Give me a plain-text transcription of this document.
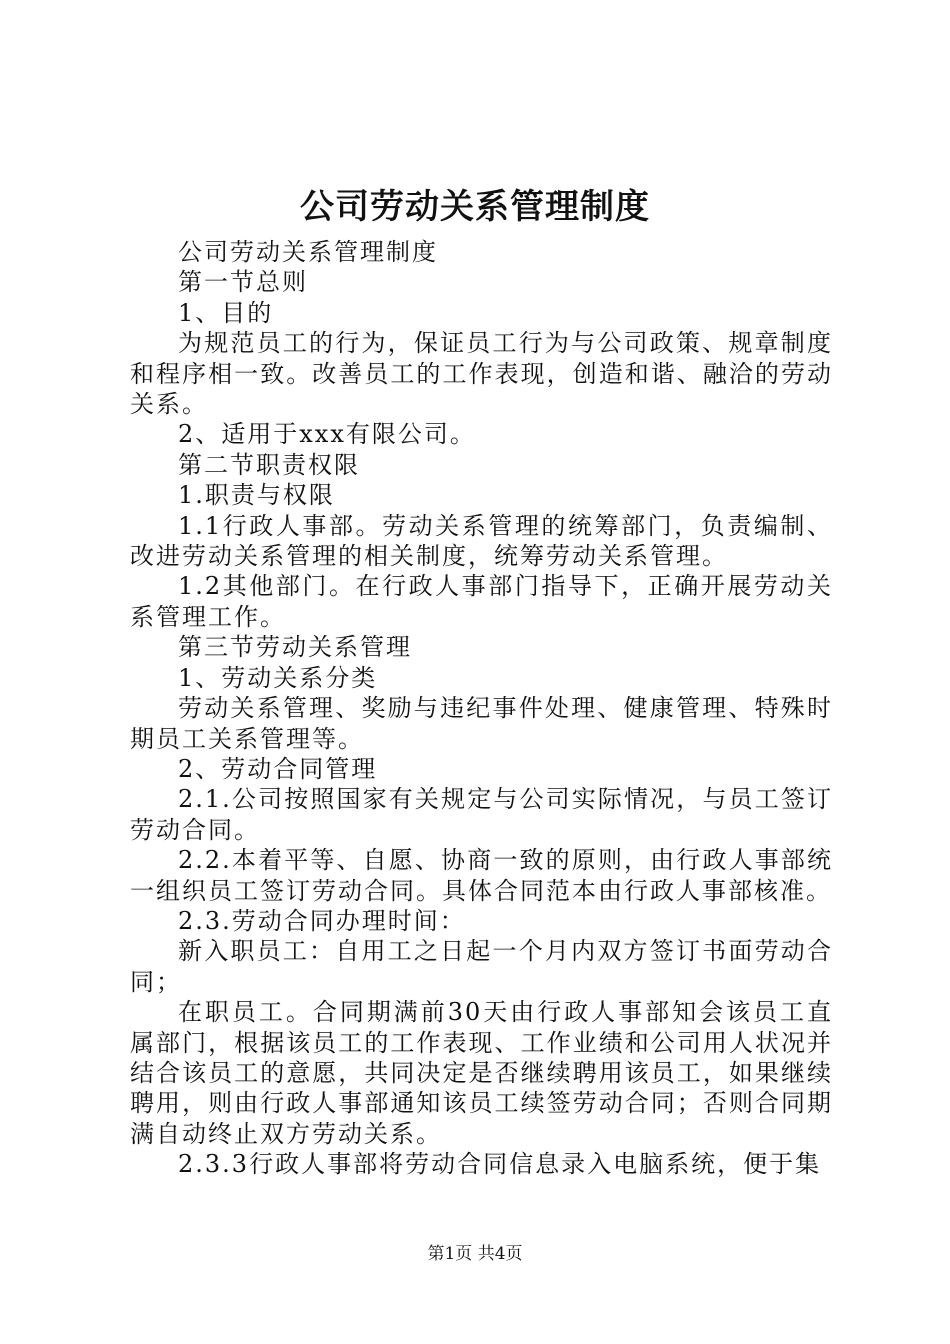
公司劳动关系管理制度

公司劳动关系管理制度

第一节总则

1、目的

为规范员工的行为，保证员工行为与公司政策、规章制度和程序相一致。改善员工的工作表现，创造和谐、融洽的劳动关系。

2、适用于xxx有限公司。

第二节职责权限

1.职责与权限

1.1行政人事部。劳动关系管理的统筹部门，负责编制、改进劳动关系管理的相关制度，统筹劳动关系管理。

1.2其他部门。在行政人事部门指导下，正确开展劳动关系管理工作。

第三节劳动关系管理

1、劳动关系分类

劳动关系管理、奖励与违纪事件处理、健康管理、特殊时期员工关系管理等。

2、劳动合同管理

2.1.公司按照国家有关规定与公司实际情况，与员工签订劳动合同。

2.2.本着平等、自愿、协商一致的原则，由行政人事部统一组织员工签订劳动合同。具体合同范本由行政人事部核准。

2.3.劳动合同办理时间：

新入职员工：自用工之日起一个月内双方签订书面劳动合同；

在职员工。合同期满前30天由行政人事部知会该员工直属部门，根据该员工的工作表现、工作业绩和公司用人状况并结合该员工的意愿，共同决定是否继续聘用该员工，如果继续聘用，则由行政人事部通知该员工续签劳动合同；否则合同期满自动终止双方劳动关系。

2.3.3行政人事部将劳动合同信息录入电脑系统，便于集

第1页 共4页
